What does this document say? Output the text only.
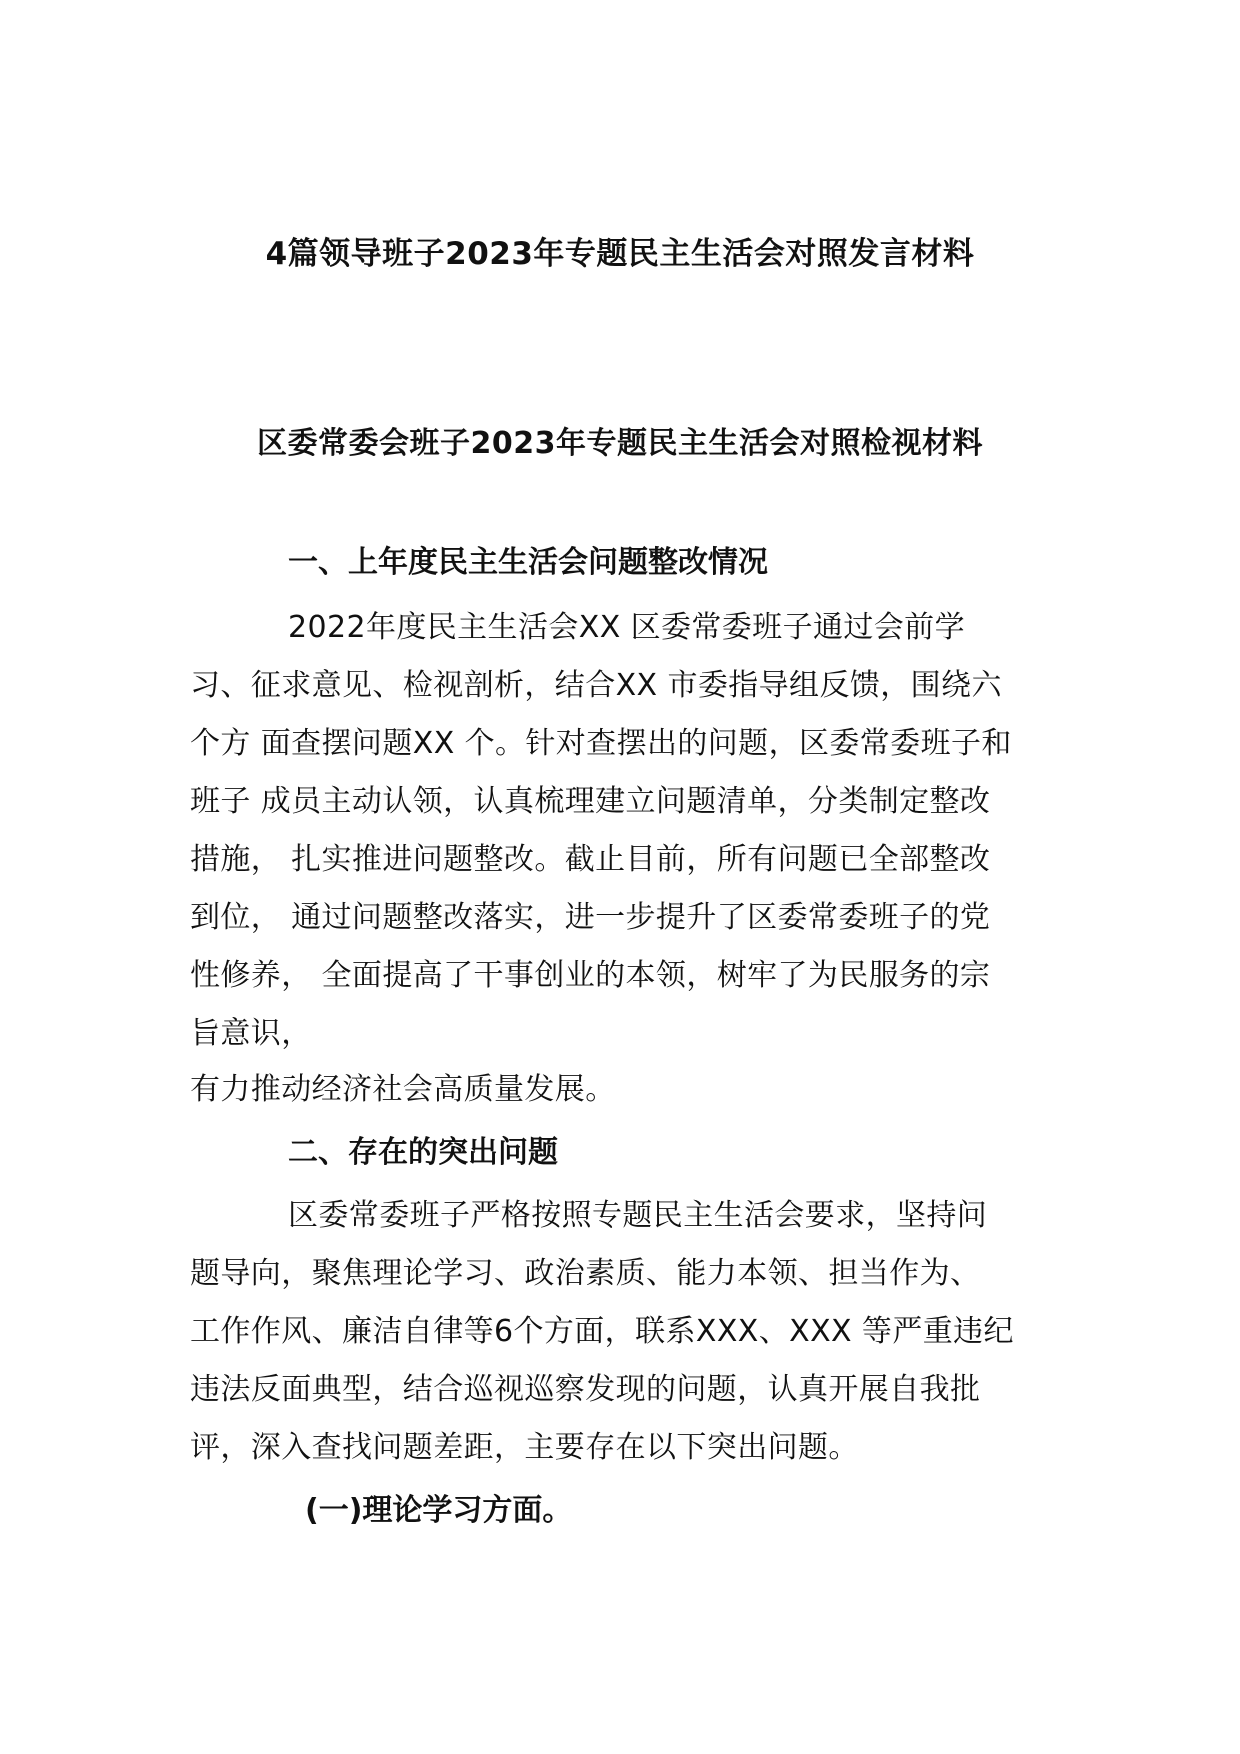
4篇领导班子2023年专题民主生活会对照发言材料
区委常委会班子2023年专题民主生活会对照检视材料
一、上年度民主生活会问题整改情况
2022年度民主生活会XX 区委常委班子通过会前学
习、征求意见、检视剖析，结合XX 市委指导组反馈，围绕六
个方 面查摆问题XX 个。针对查摆出的问题，区委常委班子和
班子 成员主动认领，认真梳理建立问题清单，分类制定整改
措施， 扎实推进问题整改。截止目前，所有问题已全部整改
到位， 通过问题整改落实，进一步提升了区委常委班子的党
性修养， 全面提高了干事创业的本领，树牢了为民服务的宗
旨意识，
有力推动经济社会高质量发展。
二、存在的突出问题
区委常委班子严格按照专题民主生活会要求，坚持问
题导向，聚焦理论学习、政治素质、能力本领、担当作为、
工作作风、廉洁自律等6个方面，联系XXX、XXX 等严重违纪
违法反面典型，结合巡视巡察发现的问题，认真开展自我批
评，深入查找问题差距，主要存在以下突出问题。
(一)理论学习方面。
